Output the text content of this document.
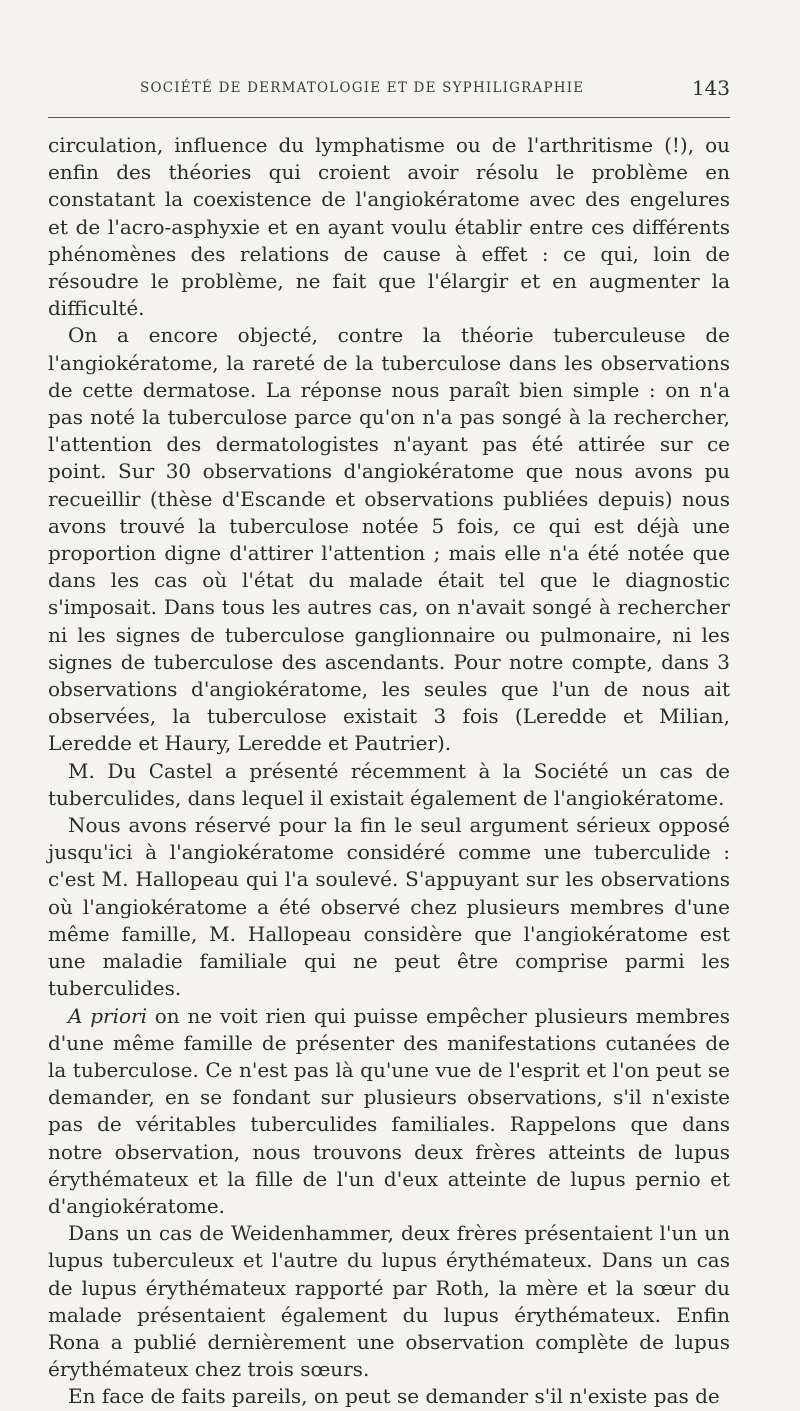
SOCIÉTÉ DE DERMATOLOGIE ET DE SYPHILIGRAPHIE	143

circulation, influence du lymphatisme ou de l'arthritisme (!), ou enfin des théories qui croient avoir résolu le problème en constatant la coexistence de l'angiokératome avec des engelures et de l'acro-asphyxie et en ayant voulu établir entre ces différents phénomènes des relations de cause à effet : ce qui, loin de résoudre le problème, ne fait que l'élargir et en augmenter la difficulté.

On a encore objecté, contre la théorie tuberculeuse de l'angiokératome, la rareté de la tuberculose dans les observations de cette dermatose. La réponse nous paraît bien simple : on n'a pas noté la tuberculose parce qu'on n'a pas songé à la rechercher, l'attention des dermatologistes n'ayant pas été attirée sur ce point. Sur 30 observations d'angiokératome que nous avons pu recueillir (thèse d'Escande et observations publiées depuis) nous avons trouvé la tuberculose notée 5 fois, ce qui est déjà une proportion digne d'attirer l'attention ; mais elle n'a été notée que dans les cas où l'état du malade était tel que le diagnostic s'imposait. Dans tous les autres cas, on n'avait songé à rechercher ni les signes de tuberculose ganglionnaire ou pulmonaire, ni les signes de tuberculose des ascendants. Pour notre compte, dans 3 observations d'angiokératome, les seules que l'un de nous ait observées, la tuberculose existait 3 fois (Leredde et Milian, Leredde et Haury, Leredde et Pautrier).

M. Du Castel a présenté récemment à la Société un cas de tuberculides, dans lequel il existait également de l'angiokératome.

Nous avons réservé pour la fin le seul argument sérieux opposé jusqu'ici à l'angiokératome considéré comme une tuberculide : c'est M. Hallopeau qui l'a soulevé. S'appuyant sur les observations où l'angiokératome a été observé chez plusieurs membres d'une même famille, M. Hallopeau considère que l'angiokératome est une maladie familiale qui ne peut être comprise parmi les tuberculides.

A priori on ne voit rien qui puisse empêcher plusieurs membres d'une même famille de présenter des manifestations cutanées de la tuberculose. Ce n'est pas là qu'une vue de l'esprit et l'on peut se demander, en se fondant sur plusieurs observations, s'il n'existe pas de véritables tuberculides familiales. Rappelons que dans notre observation, nous trouvons deux frères atteints de lupus érythémateux et la fille de l'un d'eux atteinte de lupus pernio et d'angiokératome.

Dans un cas de Weidenhammer, deux frères présentaient l'un un lupus tuberculeux et l'autre du lupus érythémateux. Dans un cas de lupus érythémateux rapporté par Roth, la mère et la sœur du malade présentaient également du lupus érythémateux. Enfin Rona a publié dernièrement une observation complète de lupus érythémateux chez trois sœurs.

En face de faits pareils, on peut se demander s'il n'existe pas de
